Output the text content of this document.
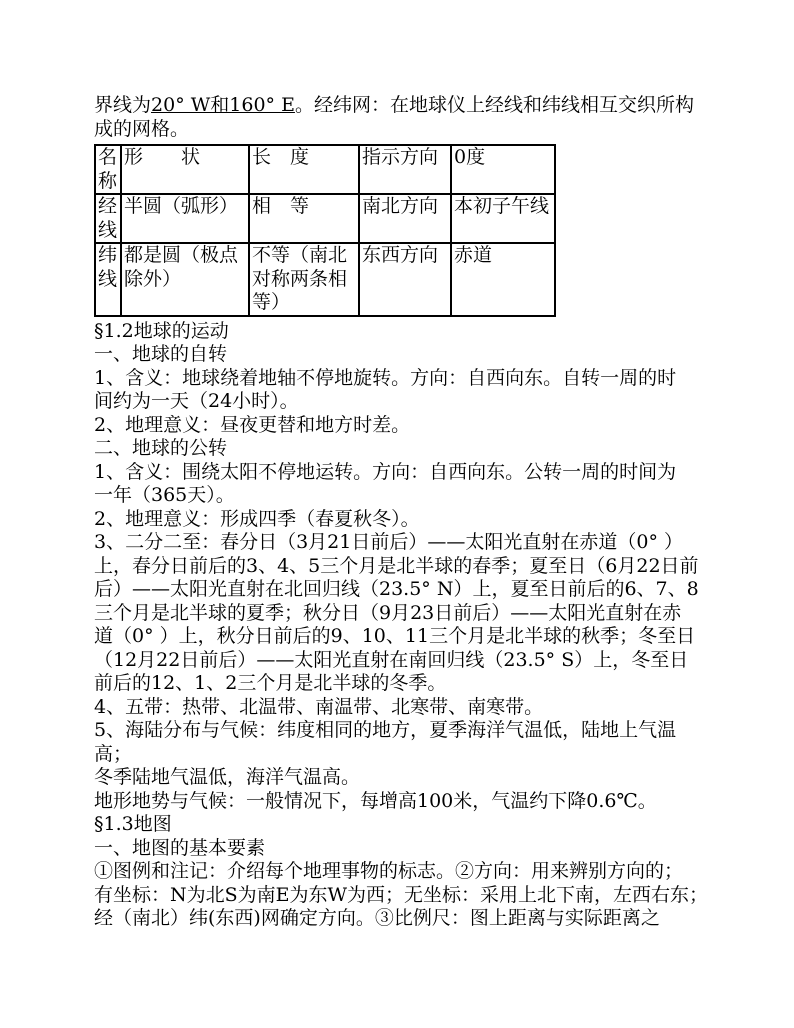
界线为20° W和160° E。经纬网：在地球仪上经线和纬线相互交织所构
成的网格。
名称	形　　状	长　度	指示方向	0度
经线	半圆（弧形）	相　等	南北方向	本初子午线
纬线	都是圆（极点除外）	不等（南北对称两条相等）	东西方向	赤道
§1.2地球的运动
一、地球的自转
1、含义：地球绕着地轴不停地旋转。方向：自西向东。自转一周的时
间约为一天（24小时）。
2、地理意义：昼夜更替和地方时差。
二、地球的公转
1、含义：围绕太阳不停地运转。方向：自西向东。公转一周的时间为
一年（365天）。
2、地理意义：形成四季（春夏秋冬）。
3、二分二至：春分日（3月21日前后）——太阳光直射在赤道（0° ）
上，春分日前后的3、4、5三个月是北半球的春季；夏至日（6月22日前
后）——太阳光直射在北回归线（23.5° N）上，夏至日前后的6、7、8
三个月是北半球的夏季；秋分日（9月23日前后）——太阳光直射在赤
道（0° ）上，秋分日前后的9、10、11三个月是北半球的秋季；冬至日
（12月22日前后）——太阳光直射在南回归线（23.5° S）上，冬至日
前后的12、1、2三个月是北半球的冬季。
4、五带：热带、北温带、南温带、北寒带、南寒带。
5、海陆分布与气候：纬度相同的地方，夏季海洋气温低，陆地上气温
高；
冬季陆地气温低，海洋气温高。
地形地势与气候：一般情况下，每增高100米，气温约下降0.6℃。
§1.3地图
一、地图的基本要素
①图例和注记：介绍每个地理事物的标志。②方向：用来辨别方向的；
有坐标：N为北S为南E为东W为西；无坐标：采用上北下南，左西右东；
经（南北）纬(东西)网确定方向。③比例尺：图上距离与实际距离之
